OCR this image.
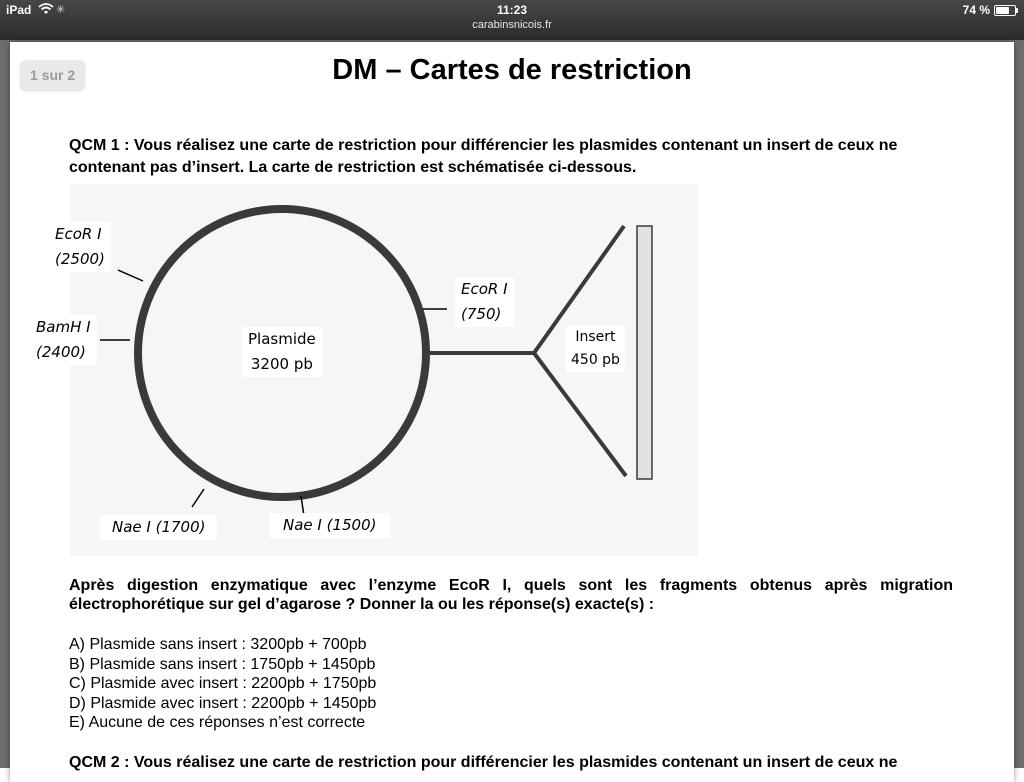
iPad ✳	11:23	74 %
carabinsnicois.fr
1 sur 2	DM – Cartes de restriction
QCM 1 : Vous réalisez une carte de restriction pour différencier les plasmides contenant un insert de ceux ne contenant pas d’insert. La carte de restriction est schématisée ci-dessous.
EcoR I
(2500)
BamH I
(2400)
Plasmide
3200 pb
EcoR I
(750)
Insert
450 pb
Nae I (1700)	Nae I (1500)
Après digestion enzymatique avec l’enzyme EcoR I, quels sont les fragments obtenus après migration électrophorétique sur gel d’agarose ? Donner la ou les réponse(s) exacte(s) :
A) Plasmide sans insert : 3200pb + 700pb
B) Plasmide sans insert : 1750pb + 1450pb
C) Plasmide avec insert : 2200pb + 1750pb
D) Plasmide avec insert : 2200pb + 1450pb
E) Aucune de ces réponses n’est correcte
QCM 2 : Vous réalisez une carte de restriction pour différencier les plasmides contenant un insert de ceux ne
